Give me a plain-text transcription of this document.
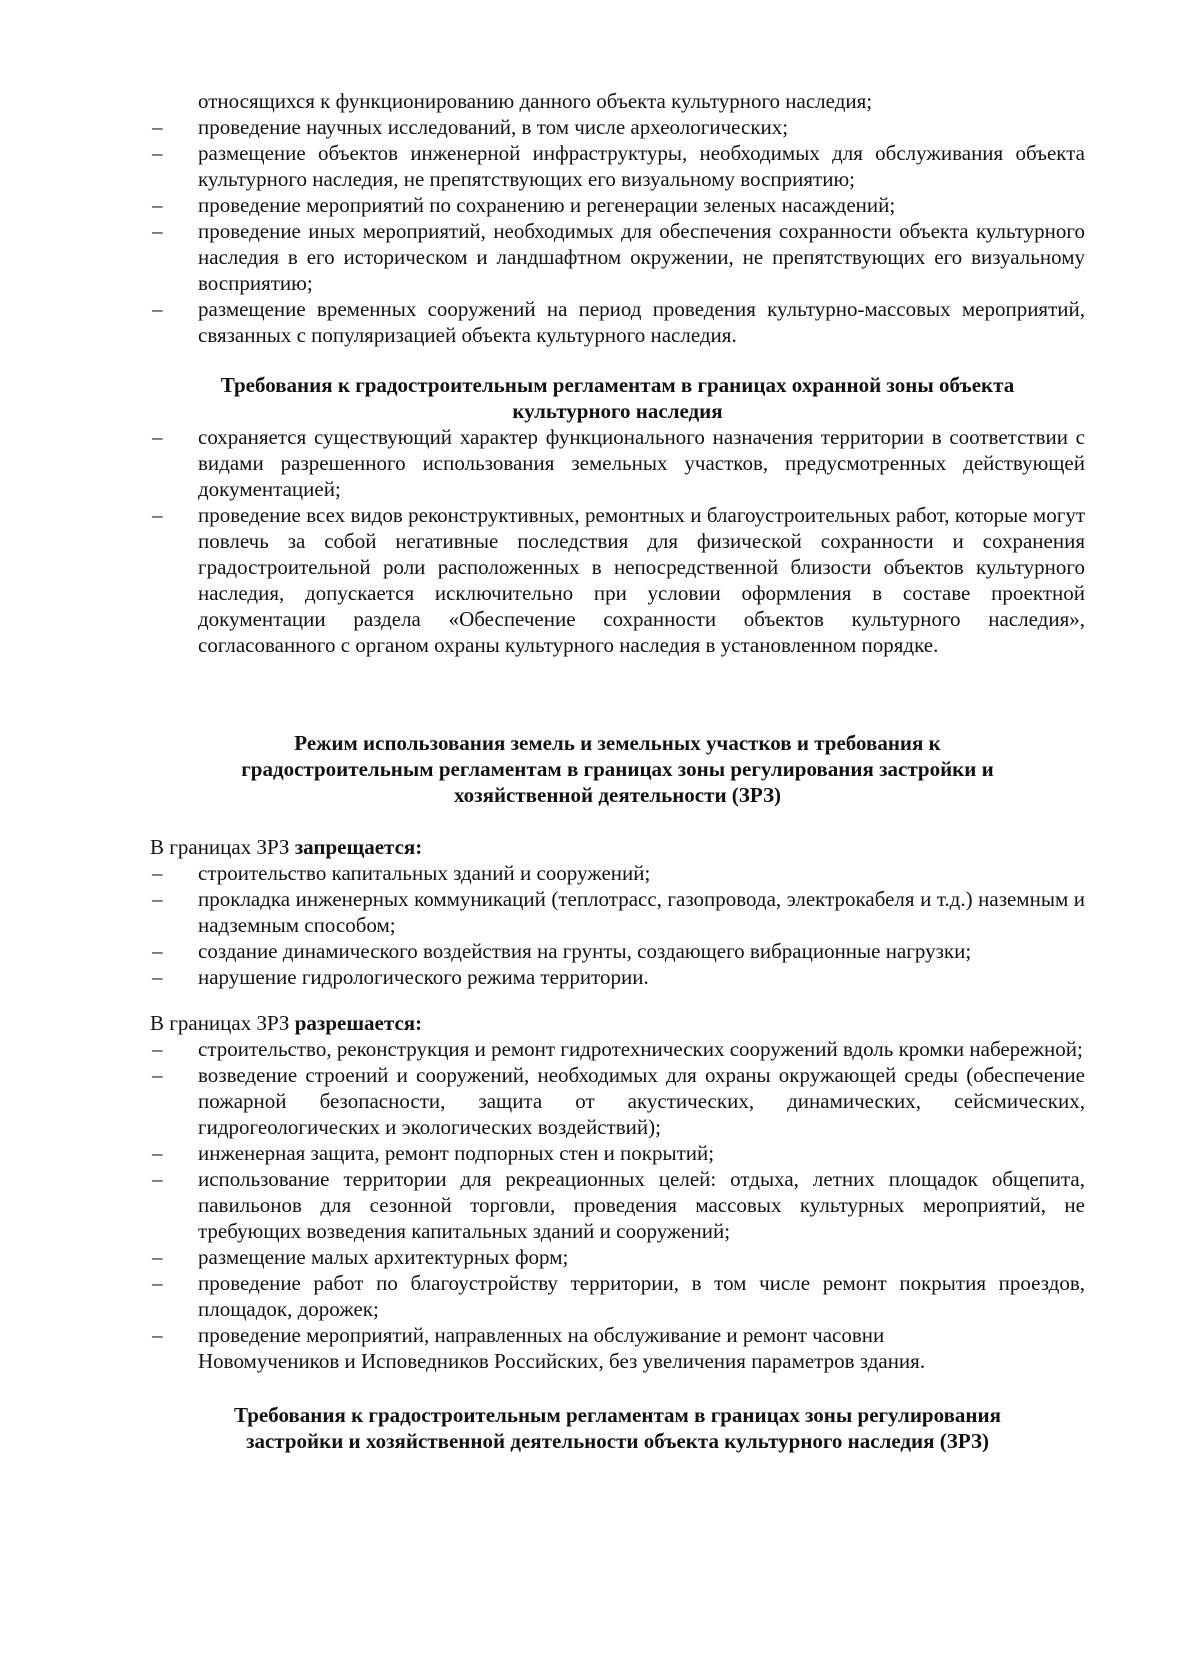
относящихся к функционированию данного объекта культурного наследия;
– проведение научных исследований, в том числе археологических;
– размещение объектов инженерной инфраструктуры, необходимых для обслуживания объекта культурного наследия, не препятствующих его визуальному восприятию;
– проведение мероприятий по сохранению и регенерации зеленых насаждений;
– проведение иных мероприятий, необходимых для обеспечения сохранности объекта культурного наследия в его историческом и ландшафтном окружении, не препятствующих его визуальному восприятию;
– размещение временных сооружений на период проведения культурно-массовых мероприятий, связанных с популяризацией объекта культурного наследия.
Требования к градостроительным регламентам в границах охранной зоны объекта
культурного наследия
– сохраняется существующий характер функционального назначения территории в соответствии с видами разрешенного использования земельных участков, предусмотренных действующей документацией;
– проведение всех видов реконструктивных, ремонтных и благоустроительных работ, которые могут повлечь за собой негативные последствия для физической сохранности и сохранения градостроительной роли расположенных в непосредственной близости объектов культурного наследия, допускается исключительно при условии оформления в составе проектной документации раздела «Обеспечение сохранности объектов культурного наследия», согласованного с органом охраны культурного наследия в установленном порядке.
Режим использования земель и земельных участков и требования к
градостроительным регламентам в границах зоны регулирования застройки и
хозяйственной деятельности (ЗРЗ)

В границах ЗРЗ запрещается:

– строительство капитальных зданий и сооружений;
– прокладка инженерных коммуникаций (теплотрасс, газопровода, электрокабеля и т.д.) наземным и надземным способом;
– создание динамического воздействия на грунты, создающего вибрационные нагрузки;
– нарушение гидрологического режима территории.

В границах ЗРЗ разрешается:

– строительство, реконструкция и ремонт гидротехнических сооружений вдоль кромки набережной;
– возведение строений и сооружений, необходимых для охраны окружающей среды (обеспечение пожарной безопасности, защита от акустических, динамических, сейсмических, гидрогеологических и экологических воздействий);
– инженерная защита, ремонт подпорных стен и покрытий;
– использование территории для рекреационных целей: отдыха, летних площадок общепита, павильонов для сезонной торговли, проведения массовых культурных мероприятий, не требующих возведения капитальных зданий и сооружений;
– размещение малых архитектурных форм;
– проведение работ по благоустройству территории, в том числе ремонт покрытия проездов, площадок, дорожек;
– проведение мероприятий, направленных на обслуживание и ремонт часовни
Новомучеников и Исповедников Российских, без увеличения параметров здания.
Требования к градостроительным регламентам в границах зоны регулирования
застройки и хозяйственной деятельности объекта культурного наследия (ЗРЗ)
